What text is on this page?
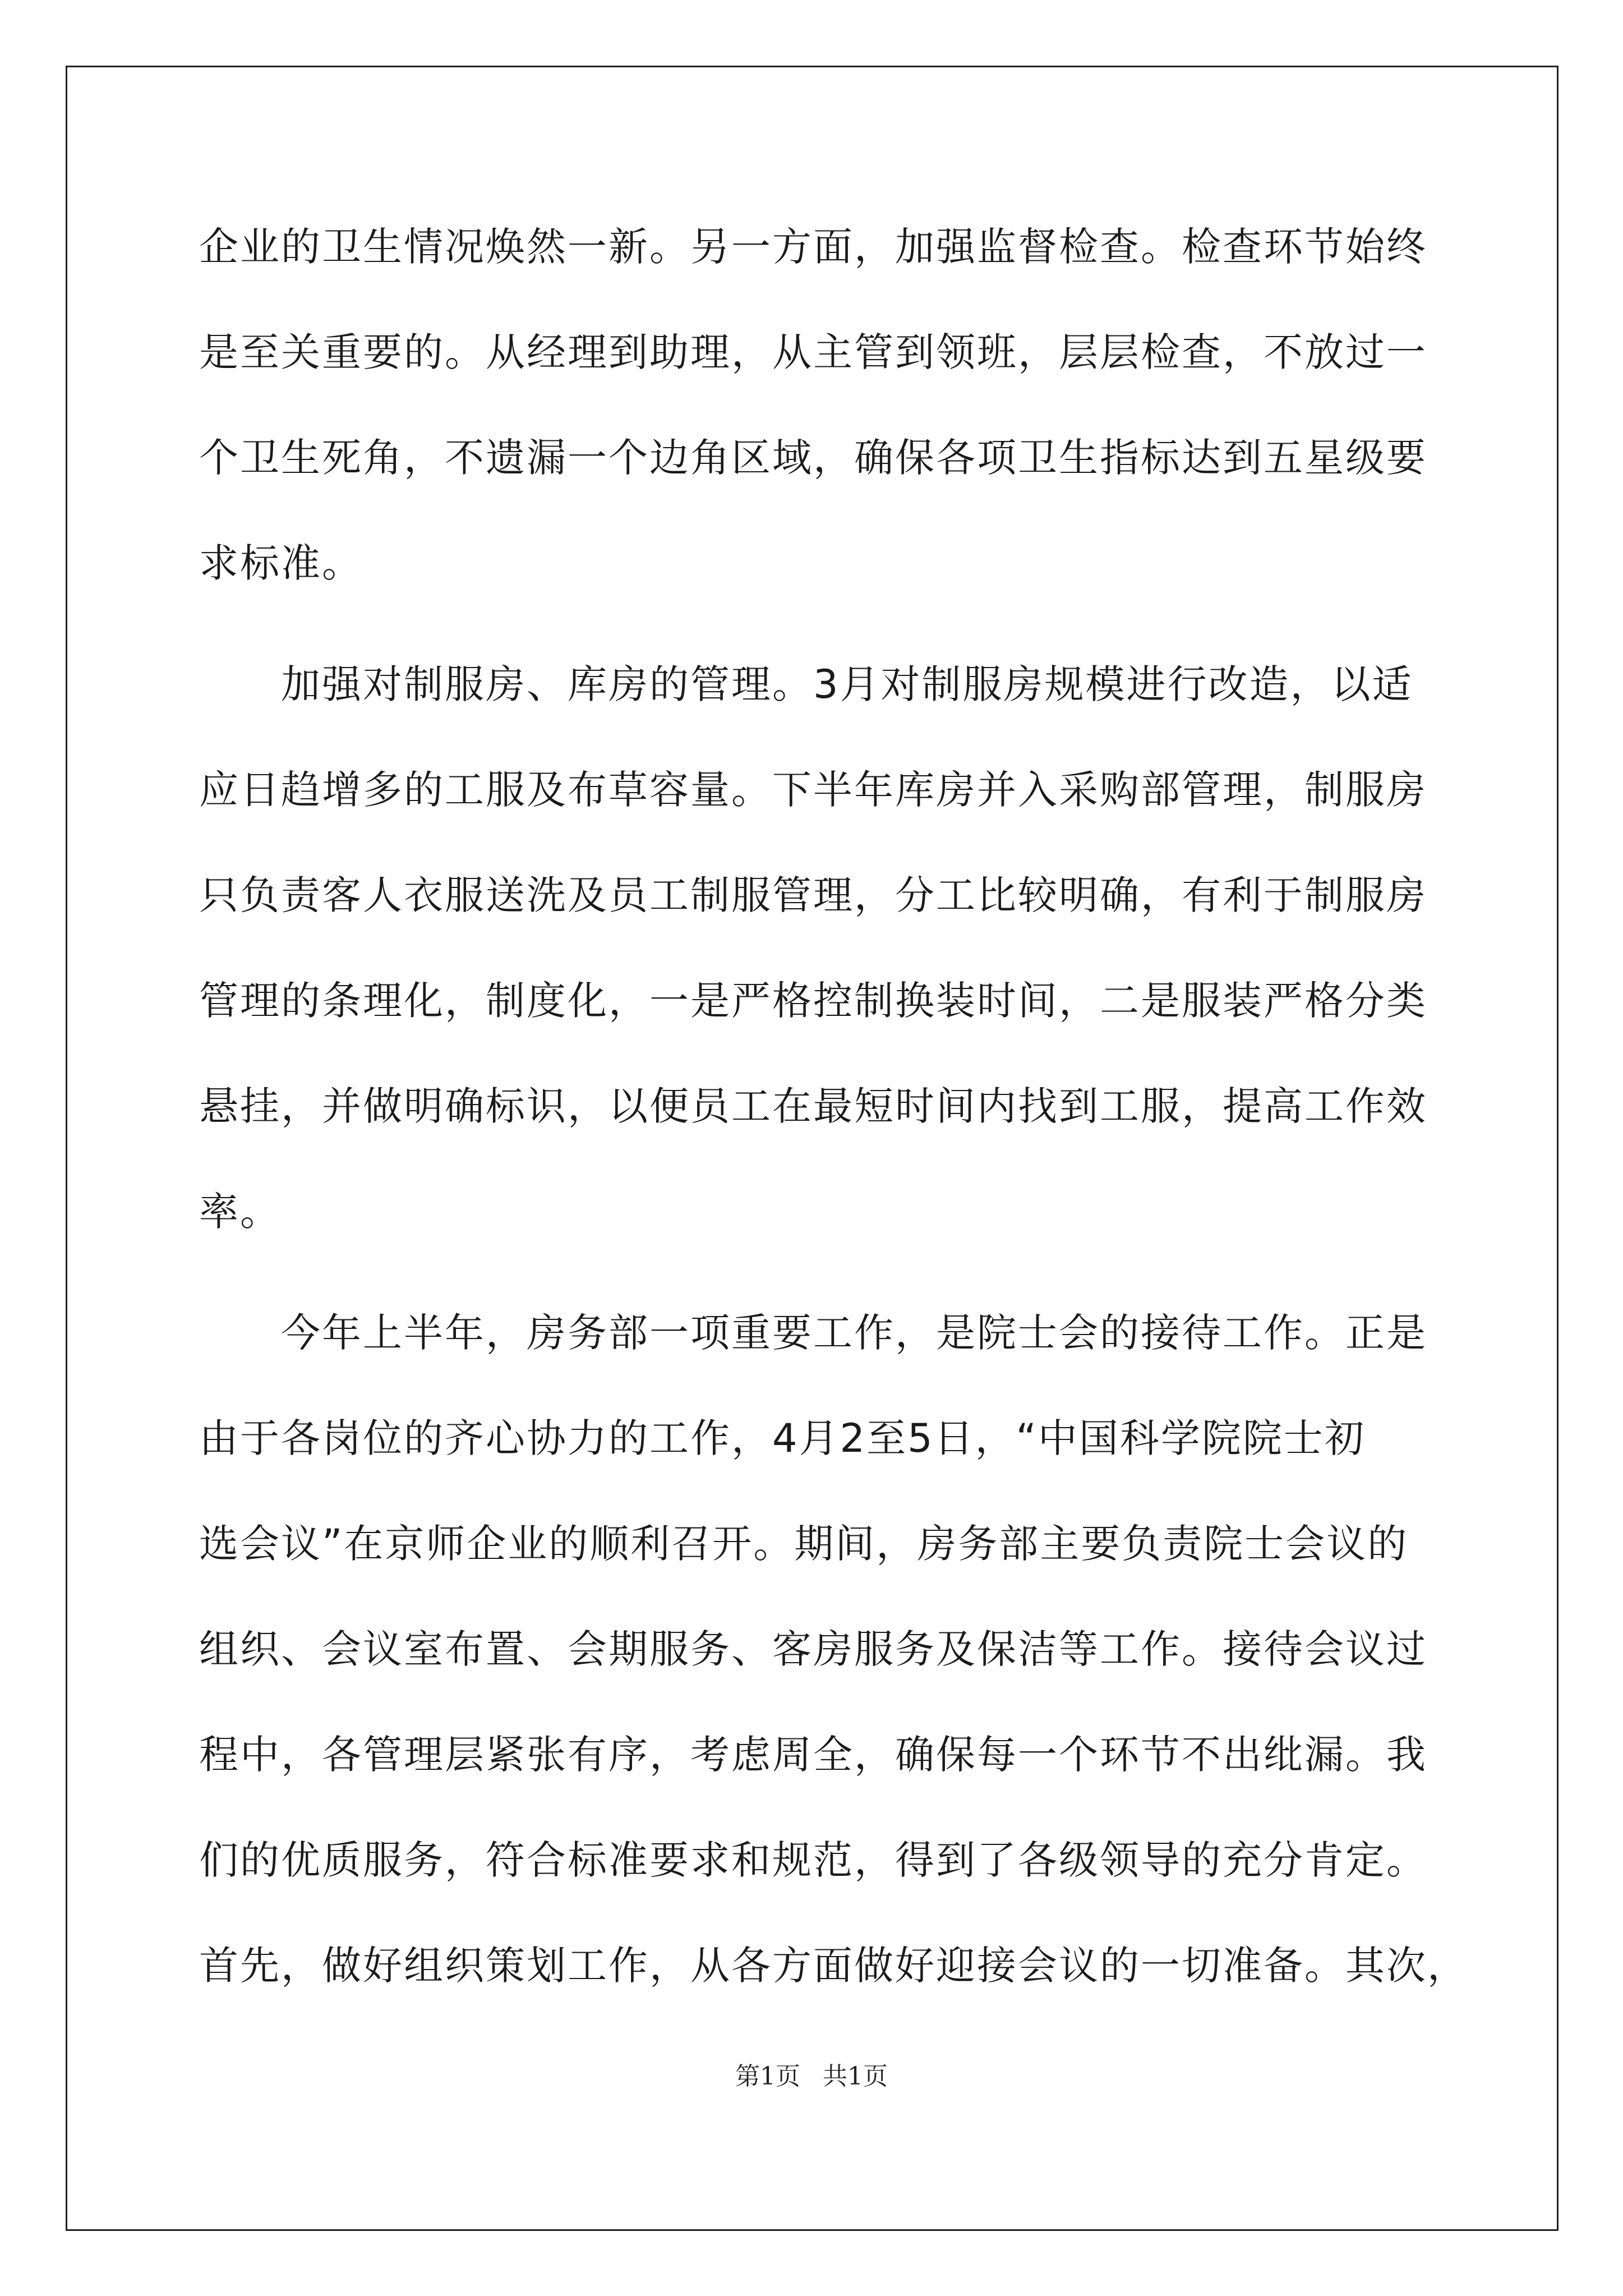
企业的卫生情况焕然一新。另一方面，加强监督检查。检查环节始终
是至关重要的。从经理到助理，从主管到领班，层层检查，不放过一
个卫生死角，不遗漏一个边角区域，确保各项卫生指标达到五星级要
求标准。
　　加强对制服房、库房的管理。3月对制服房规模进行改造，以适
应日趋增多的工服及布草容量。下半年库房并入采购部管理，制服房
只负责客人衣服送洗及员工制服管理，分工比较明确，有利于制服房
管理的条理化，制度化，一是严格控制换装时间，二是服装严格分类
悬挂，并做明确标识，以便员工在最短时间内找到工服，提高工作效
率。
　　今年上半年，房务部一项重要工作，是院士会的接待工作。正是
由于各岗位的齐心协力的工作，4月2至5日，“中国科学院院士初
选会议”在京师企业的顺利召开。期间，房务部主要负责院士会议的
组织、会议室布置、会期服务、客房服务及保洁等工作。接待会议过
程中，各管理层紧张有序，考虑周全，确保每一个环节不出纰漏。我
们的优质服务，符合标准要求和规范，得到了各级领导的充分肯定。
首先，做好组织策划工作，从各方面做好迎接会议的一切准备。其次，
第1页 共1页
